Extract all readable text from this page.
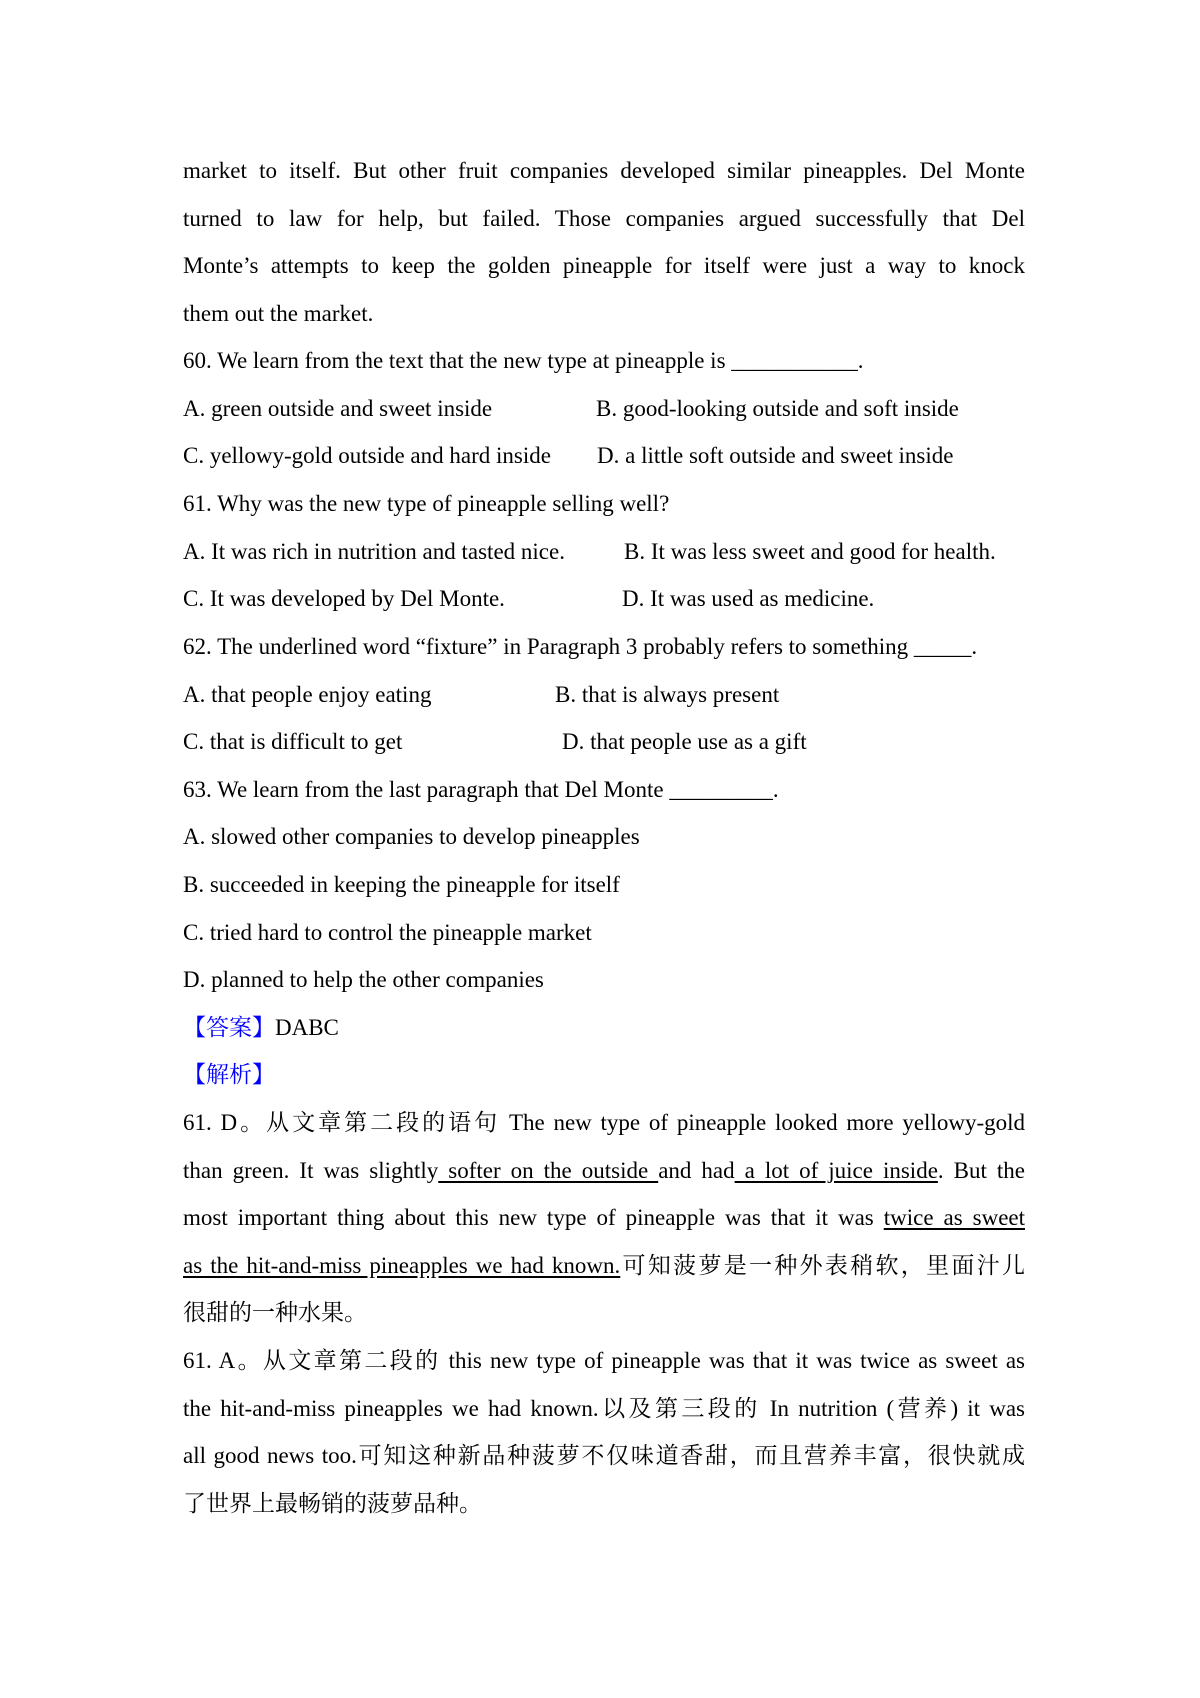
market to itself. But other fruit companies developed similar pineapples. Del Monte
turned to law for help, but failed. Those companies argued successfully that Del
Monte’s attempts to keep the golden pineapple for itself were just a way to knock
them out the market.
60. We learn from the text that the new type at pineapple is ___________.
A. green outside and sweet inside	B. good-looking outside and soft inside
C. yellowy-gold outside and hard inside D. a little soft outside and sweet inside
61. Why was the new type of pineapple selling well?
A. It was rich in nutrition and tasted nice.	B. It was less sweet and good for health.
C. It was developed by Del Monte.	D. It was used as medicine.
62. The underlined word “fixture” in Paragraph 3 probably refers to something _____.
A. that people enjoy eating	B. that is always present
C. that is difficult to get	D. that people use as a gift
63. We learn from the last paragraph that Del Monte _________.
A. slowed other companies to develop pineapples
B. succeeded in keeping the pineapple for itself
C. tried hard to control the pineapple market
D. planned to help the other companies
【答案】DABC
【解析】
61. D。从文章第二段的语句 The new type of pineapple looked more yellowy-gold
than green. It was slightly softer on the outside and had a lot of juice inside. But the
most important thing about this new type of pineapple was that it was twice as sweet
as the hit-and-miss pineapples we had known.可知菠萝是一种外表稍软，里面汁儿
很甜的一种水果。
61. A。从文章第二段的 this new type of pineapple was that it was twice as sweet as
the hit-and-miss pineapples we had known.以及第三段的 In nutrition (营养) it was
all good news too.可知这种新品种菠萝不仅味道香甜，而且营养丰富，很快就成
了世界上最畅销的菠萝品种。
